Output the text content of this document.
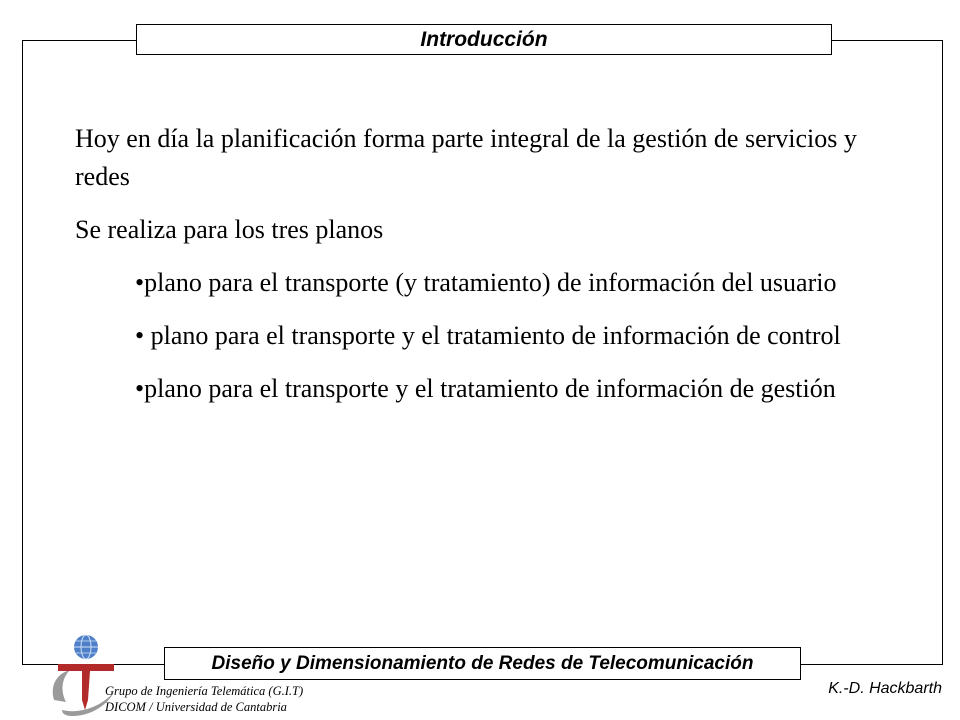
Introducción

Hoy en día la planificación forma parte integral de la gestión de servicios y redes

Se realiza para los tres planos

•plano para el transporte (y tratamiento) de información del usuario

• plano para el transporte y el tratamiento de información de control

•plano para el transporte y el tratamiento de información de gestión

Diseño y Dimensionamiento de Redes de Telecomunicación
Grupo de Ingeniería Telemática (G.I.T)
DICOM / Universidad de Cantabria
K.-D. Hackbarth
